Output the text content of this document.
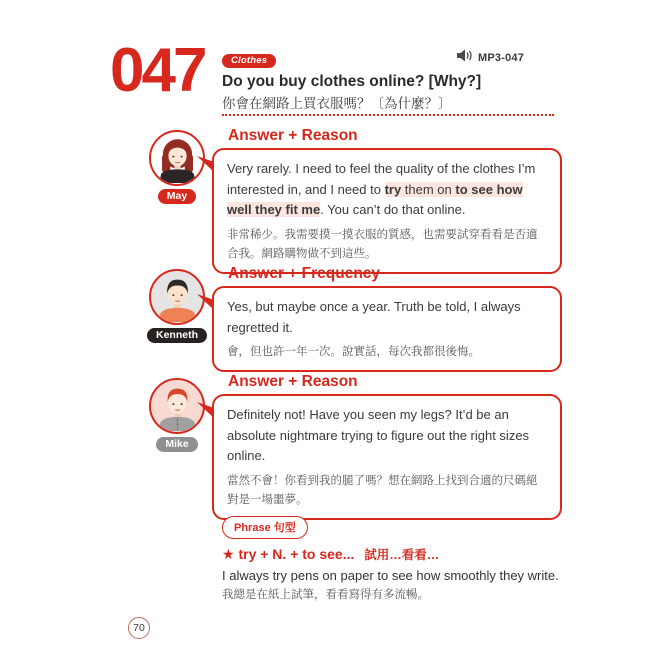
047	Clothes
Do you buy clothes online? [Why?]
你會在網路上買衣服嗎？〔為什麼？〕
MP3-047
Answer + Reason
May

Very rarely. I need to feel the quality of the clothes I’m interested in, and I need to try them on to see how well they fit me. You can’t do that online.

非常稀少。我需要摸一摸衣服的質感，也需要試穿看看是否適合我。網路購物做不到這些。

Answer + Frequency
Kenneth

Yes, but maybe once a year. Truth be told, I always regretted it.

會，但也許一年一次。說實話，每次我都很後悔。

Answer + Reason
Mike

Definitely not! Have you seen my legs? It’d be an absolute nightmare trying to figure out the right sizes online.

當然不會！你看到我的腿了嗎？想在網路上找到合適的尺碼絕對是一場噩夢。

Phrase 句型
★ try + N. + to see... 試用…看看…
I always try pens on paper to see how smoothly they write.
我總是在紙上試筆，看看寫得有多流暢。
70
